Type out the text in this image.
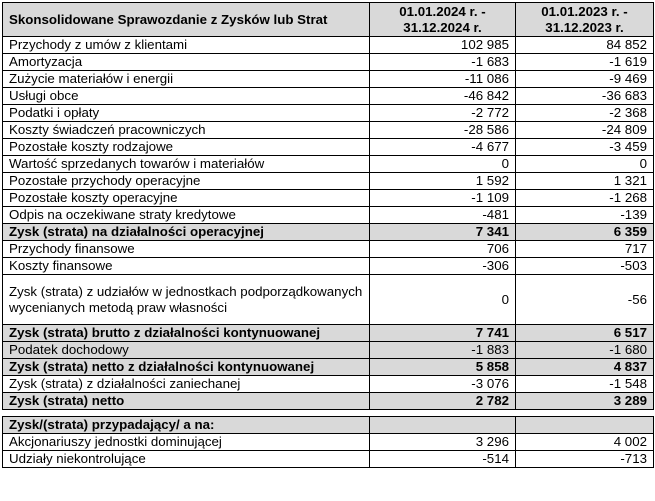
Skonsolidowane Sprawozdanie z Zysków lub Strat	01.01.2024 r. - 31.12.2024 r.	01.01.2023 r. - 31.12.2023 r.
Przychody z umów z klientami	102 985	84 852
Amortyzacja	-1 683	-1 619
Zużycie materiałów i energii	-11 086	-9 469
Usługi obce	-46 842	-36 683
Podatki i opłaty	-2 772	-2 368
Koszty świadczeń pracowniczych	-28 586	-24 809
Pozostałe koszty rodzajowe	-4 677	-3 459
Wartość sprzedanych towarów i materiałów	0	0
Pozostałe przychody operacyjne	1 592	1 321
Pozostałe koszty operacyjne	-1 109	-1 268
Odpis na oczekiwane straty kredytowe	-481	-139
Zysk (strata) na działalności operacyjnej	7 341	6 359
Przychody finansowe	706	717
Koszty finansowe	-306	-503
Zysk (strata) z udziałów w jednostkach podporządkowanych wycenianych metodą praw własności	0	-56
Zysk (strata) brutto z działalności kontynuowanej	7 741	6 517
Podatek dochodowy	-1 883	-1 680
Zysk (strata) netto z działalności kontynuowanej	5 858	4 837
Zysk (strata) z działalności zaniechanej	-3 076	-1 548
Zysk (strata) netto	2 782	3 289

Zysk/(strata) przypadający/ a na:		
Akcjonariuszy jednostki dominującej	3 296	4 002
Udziały niekontrolujące	-514	-713
